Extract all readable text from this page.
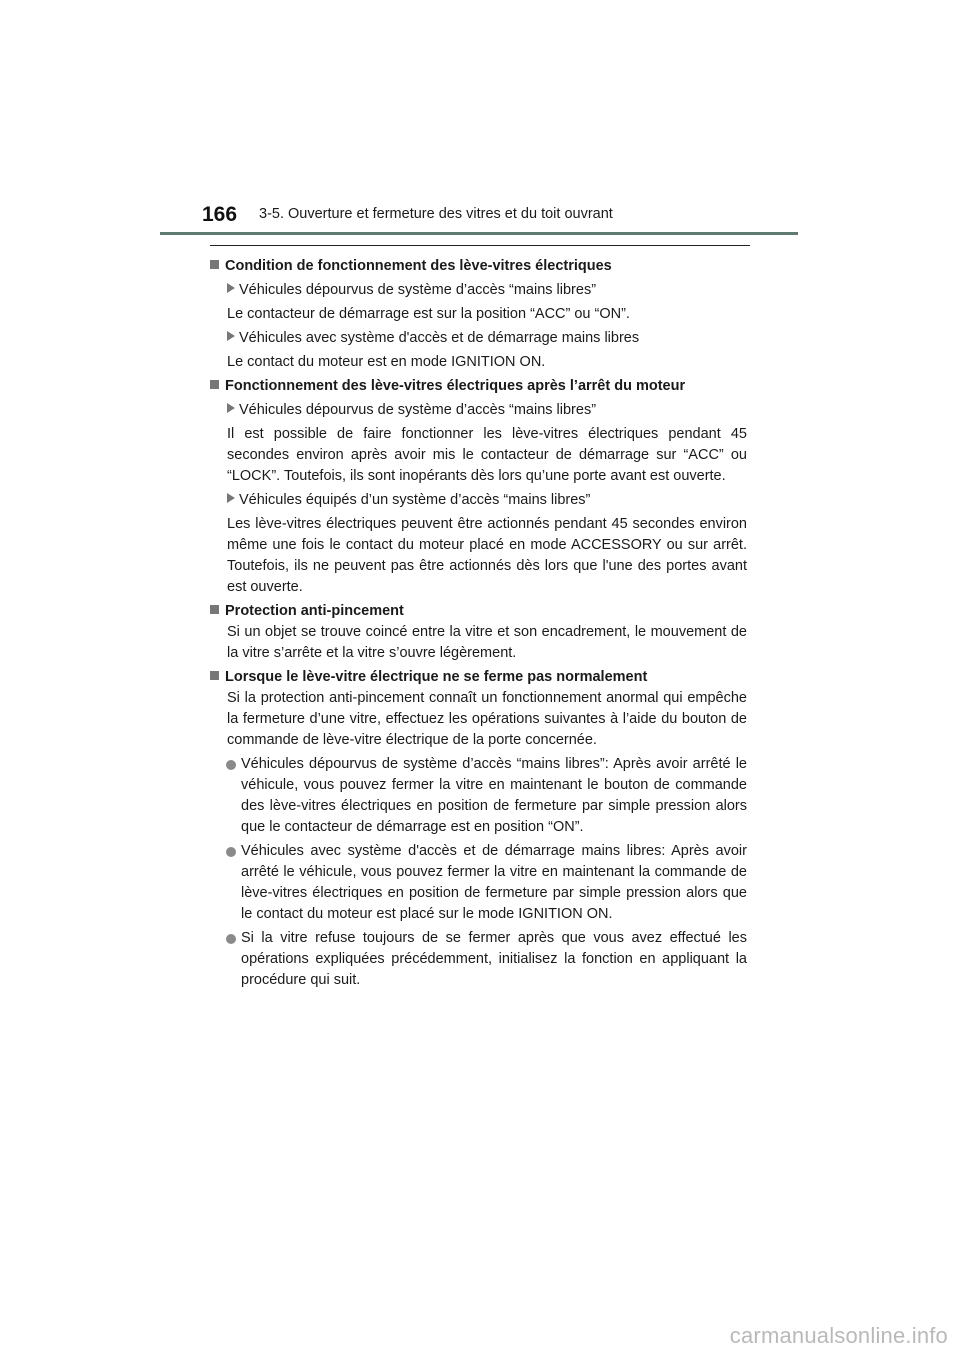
166 3-5. Ouverture et fermeture des vitres et du toit ouvrant
Condition de fonctionnement des lève-vitres électriques
Véhicules dépourvus de système d’accès “mains libres”
Le contacteur de démarrage est sur la position “ACC” ou “ON”.
Véhicules avec système d'accès et de démarrage mains libres
Le contact du moteur est en mode IGNITION ON.
Fonctionnement des lève-vitres électriques après l’arrêt du moteur
Véhicules dépourvus de système d’accès “mains libres”
Il est possible de faire fonctionner les lève-vitres électriques pendant 45 secondes environ après avoir mis le contacteur de démarrage sur “ACC” ou “LOCK”. Toutefois, ils sont inopérants dès lors qu’une porte avant est ouverte.
Véhicules équipés d’un système d’accès “mains libres”
Les lève-vitres électriques peuvent être actionnés pendant 45 secondes environ même une fois le contact du moteur placé en mode ACCESSORY ou sur arrêt. Toutefois, ils ne peuvent pas être actionnés dès lors que l'une des portes avant est ouverte.
Protection anti-pincement
Si un objet se trouve coincé entre la vitre et son encadrement, le mouvement de la vitre s’arrête et la vitre s’ouvre légèrement.
Lorsque le lève-vitre électrique ne se ferme pas normalement
Si la protection anti-pincement connaît un fonctionnement anormal qui empêche la fermeture d’une vitre, effectuez les opérations suivantes à l’aide du bouton de commande de lève-vitre électrique de la porte concernée.
Véhicules dépourvus de système d’accès “mains libres”: Après avoir arrêté le véhicule, vous pouvez fermer la vitre en maintenant le bouton de commande des lève-vitres électriques en position de fermeture par simple pression alors que le contacteur de démarrage est en position “ON”.
Véhicules avec système d'accès et de démarrage mains libres: Après avoir arrêté le véhicule, vous pouvez fermer la vitre en maintenant la commande de lève-vitres électriques en position de fermeture par simple pression alors que le contact du moteur est placé sur le mode IGNITION ON.
Si la vitre refuse toujours de se fermer après que vous avez effectué les opérations expliquées précédemment, initialisez la fonction en appliquant la procédure qui suit.
carmanualsonline.info
